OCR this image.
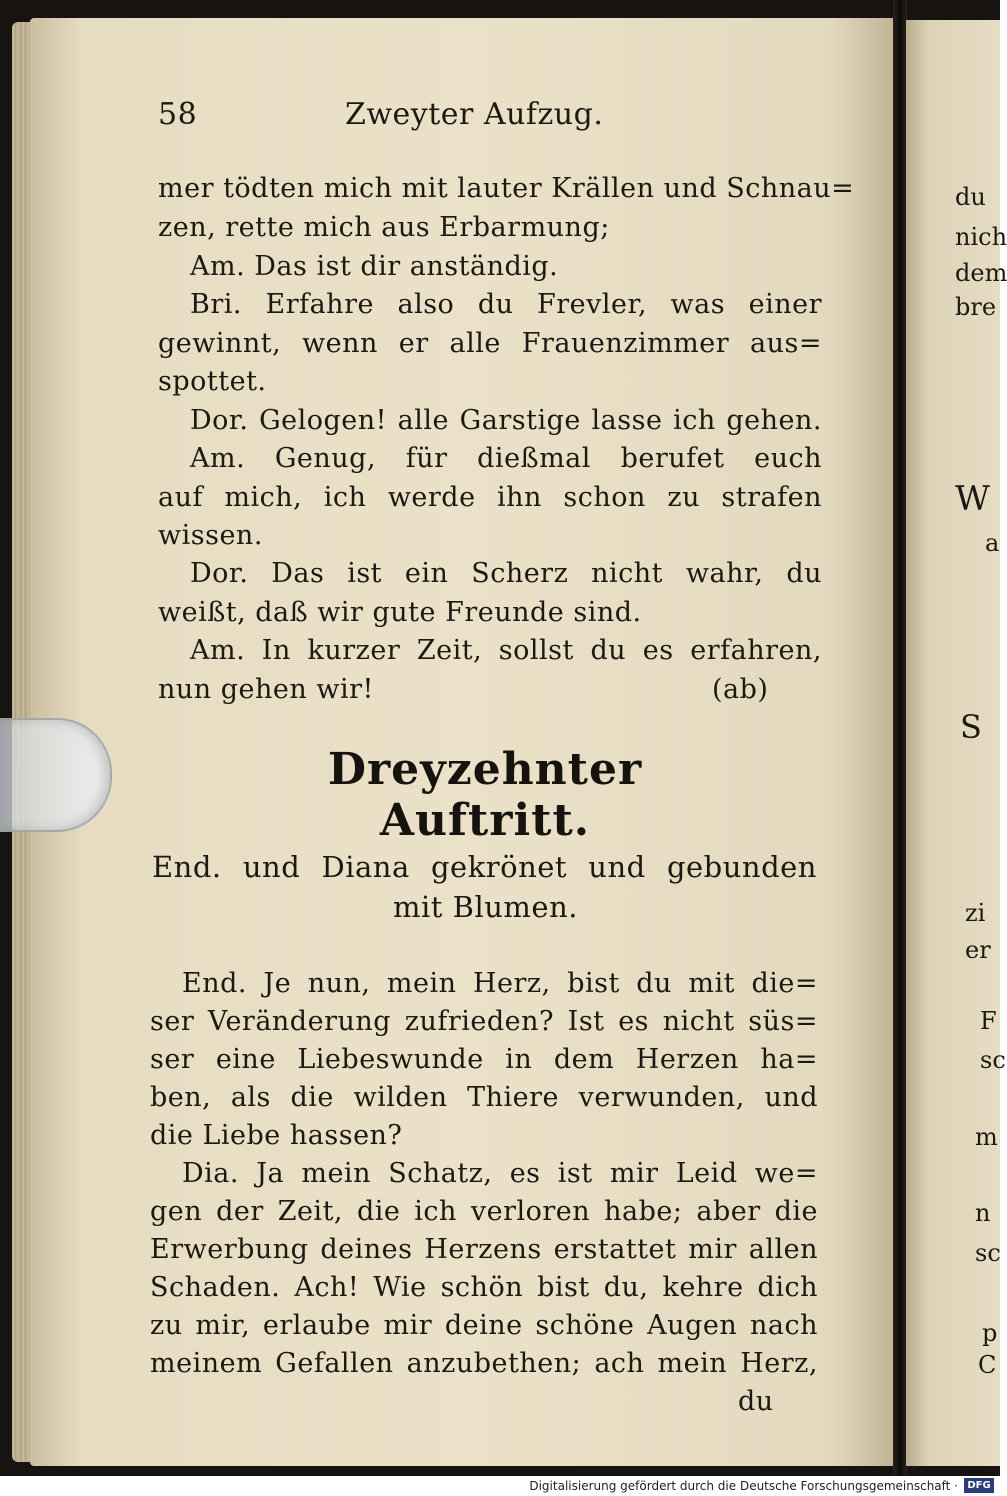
58	Zweyter Aufzug.
mer tödten mich mit lauter Krällen und Schnau=
zen, rette mich aus Erbarmung;
Am. Das ist dir anständig.
Bri. Erfahre also du Frevler, was einer
gewinnt, wenn er alle Frauenzimmer aus=
spottet.
Dor. Gelogen! alle Garstige lasse ich gehen.
Am. Genug, für dießmal berufet euch
auf mich, ich werde ihn schon zu strafen
wissen.
Dor. Das ist ein Scherz nicht wahr, du
weißt, daß wir gute Freunde sind.
Am. In kurzer Zeit, sollst du es erfahren,
nun gehen wir!	(ab)
Dreyzehnter Auftritt.
End. und Diana gekrönet und gebunden
mit Blumen.
End. Je nun, mein Herz, bist du mit die=
ser Veränderung zufrieden? Ist es nicht süs=
ser eine Liebeswunde in dem Herzen ha=
ben, als die wilden Thiere verwunden, und
die Liebe hassen?
Dia. Ja mein Schatz, es ist mir Leid we=
gen der Zeit, die ich verloren habe; aber die
Erwerbung deines Herzens erstattet mir allen
Schaden. Ach! Wie schön bist du, kehre dich
zu mir, erlaube mir deine schöne Augen nach
meinem Gefallen anzubethen; ach mein Herz,
du
du
nich
dem
bre
W
a
S
zi
er
F
sc
m
n
sc
p
C
Digitalisierung gefördert durch die Deutsche Forschungsgemeinschaft · DFG
